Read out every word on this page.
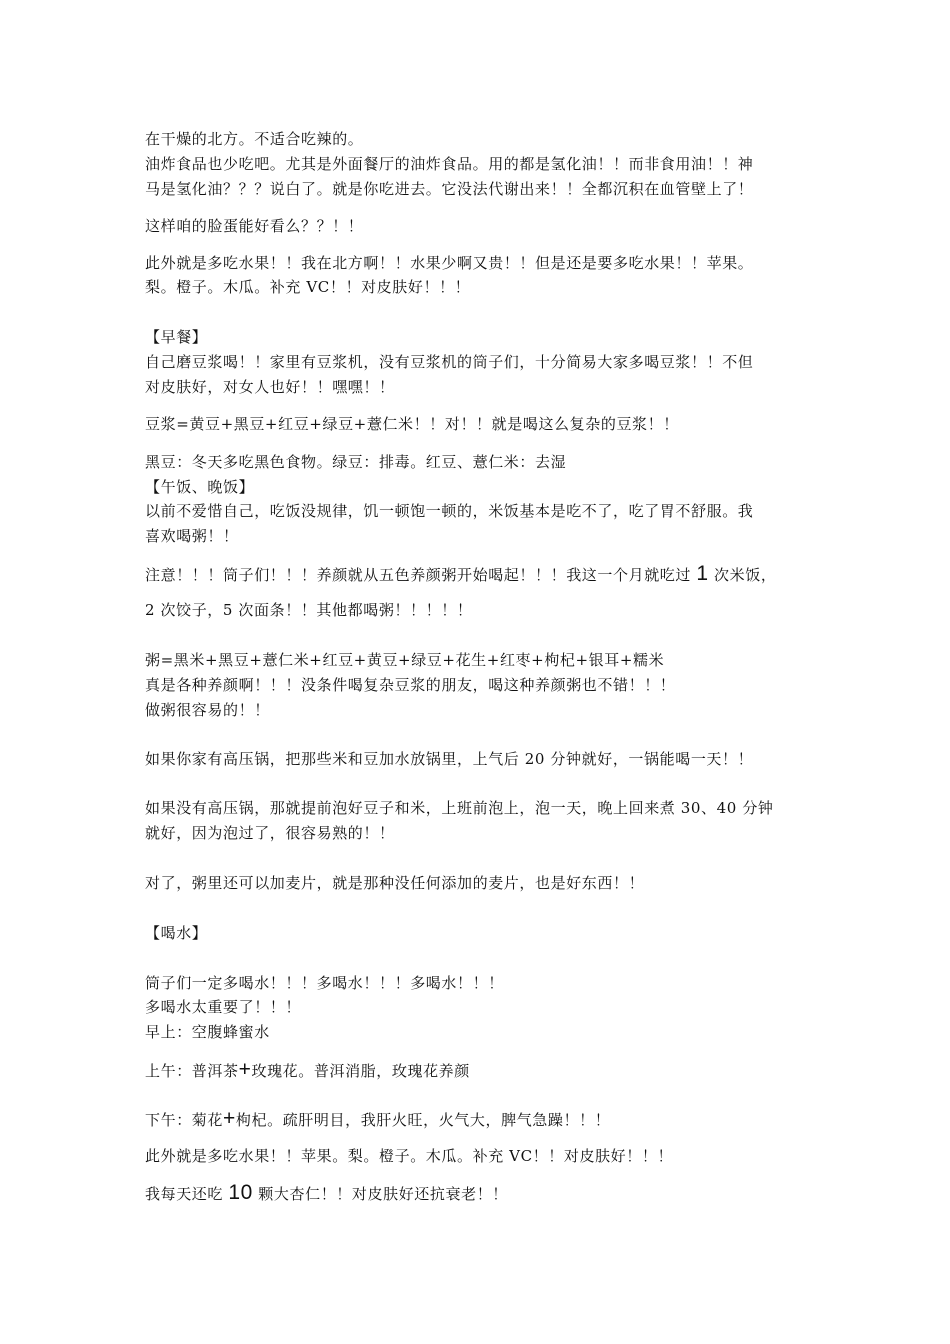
在干燥的北方。不适合吃辣的。
油炸食品也少吃吧。尤其是外面餐厅的油炸食品。用的都是氢化油！！而非食用油！！神
马是氢化油？？？说白了。就是你吃进去。它没法代谢出来！！全都沉积在血管壁上了！
这样咱的脸蛋能好看么？？！！
此外就是多吃水果！！我在北方啊！！水果少啊又贵！！但是还是要多吃水果！！苹果。
梨。橙子。木瓜。补充 VC！！对皮肤好！！！
【早餐】
自己磨豆浆喝！！家里有豆浆机，没有豆浆机的筒子们，十分简易大家多喝豆浆！！不但
对皮肤好，对女人也好！！嘿嘿！！
豆浆=黄豆+黑豆+红豆+绿豆+薏仁米！！对！！就是喝这么复杂的豆浆！！
黑豆：冬天多吃黑色食物。绿豆：排毒。红豆、薏仁米：去湿
【午饭、晚饭】
以前不爱惜自己，吃饭没规律，饥一顿饱一顿的，米饭基本是吃不了，吃了胃不舒服。我
喜欢喝粥！！
注意！！！筒子们！！！养颜就从五色养颜粥开始喝起！！！我这一个月就吃过 1 次米饭，
2 次饺子，5 次面条！！其他都喝粥！！！！！
粥=黑米+黑豆+薏仁米+红豆+黄豆+绿豆+花生+红枣+枸杞+银耳+糯米
真是各种养颜啊！！！没条件喝复杂豆浆的朋友，喝这种养颜粥也不错！！！
做粥很容易的！！
如果你家有高压锅，把那些米和豆加水放锅里，上气后 20 分钟就好，一锅能喝一天！！
如果没有高压锅，那就提前泡好豆子和米，上班前泡上，泡一天，晚上回来煮 30、40 分钟
就好，因为泡过了，很容易熟的！！
对了，粥里还可以加麦片，就是那种没任何添加的麦片，也是好东西！！
【喝水】
筒子们一定多喝水！！！多喝水！！！多喝水！！！
多喝水太重要了！！！
早上：空腹蜂蜜水
上午：普洱茶+玫瑰花。普洱消脂，玫瑰花养颜
下午：菊花+枸杞。疏肝明目，我肝火旺，火气大，脾气急躁！！！
此外就是多吃水果！！苹果。梨。橙子。木瓜。补充 VC！！对皮肤好！！！
我每天还吃 10 颗大杏仁！！对皮肤好还抗衰老！！
